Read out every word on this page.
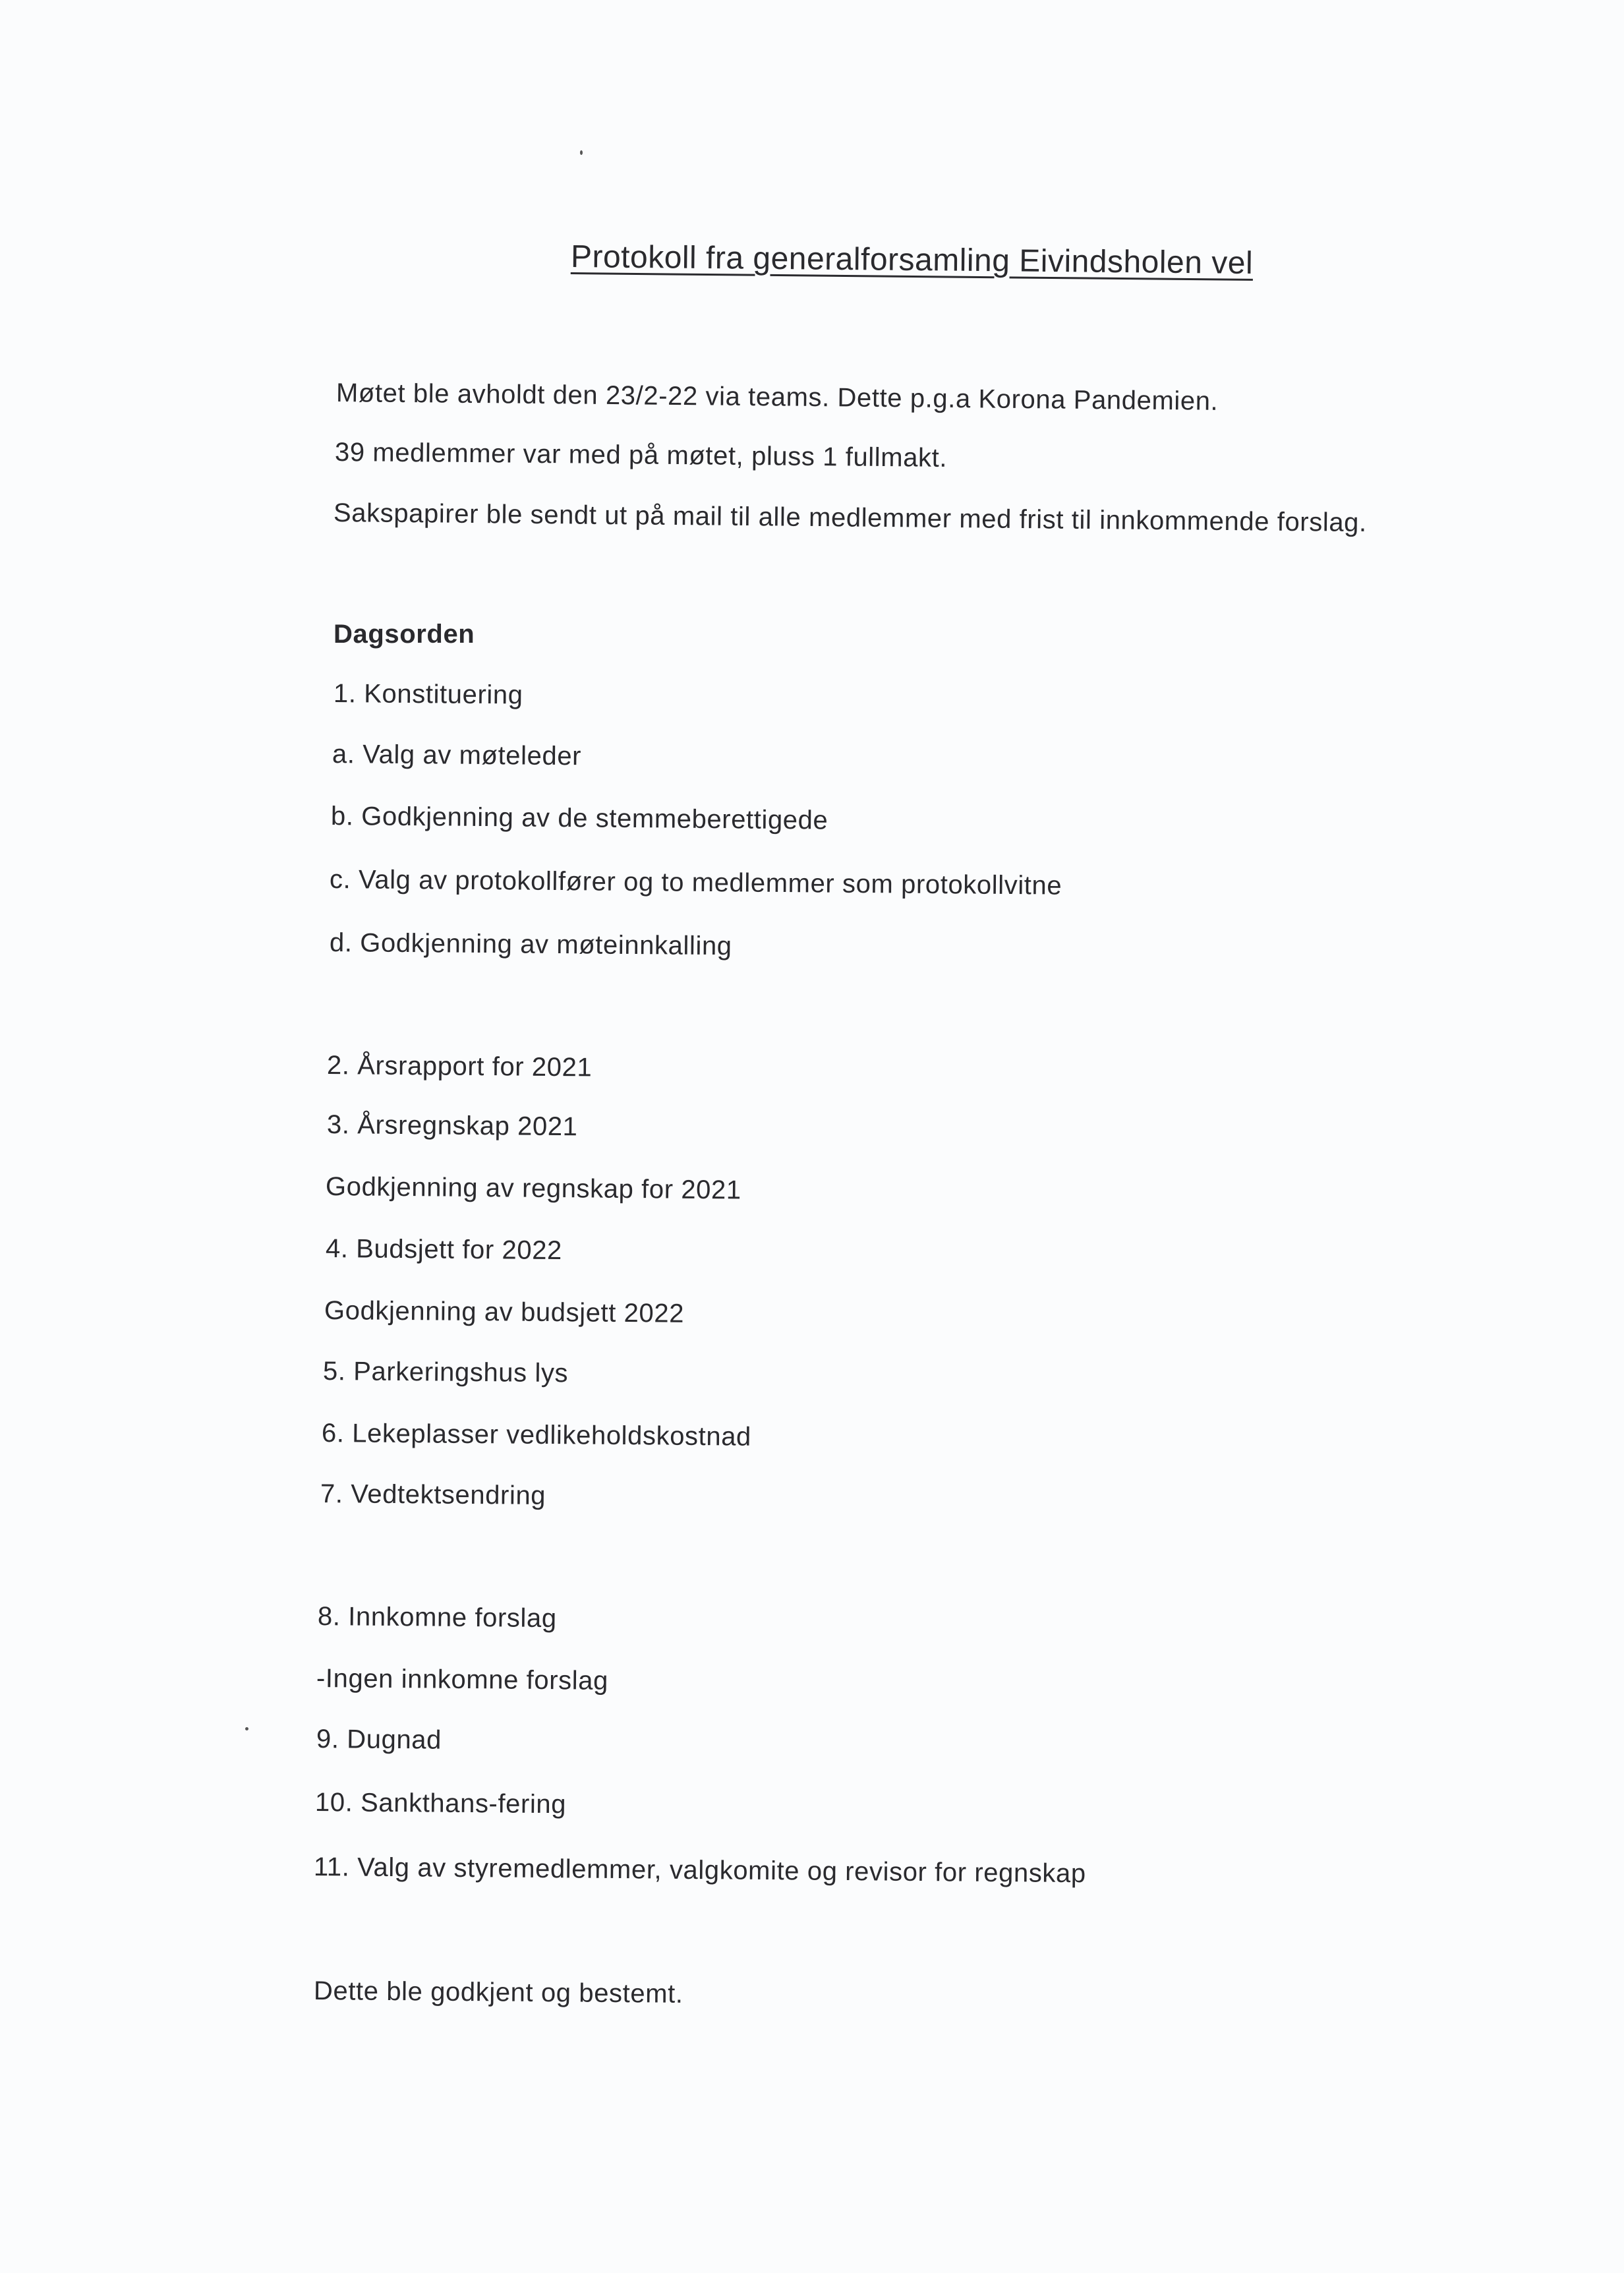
Protokoll fra generalforsamling Eivindsholen vel
Møtet ble avholdt den 23/2-22 via teams. Dette p.g.a Korona Pandemien.
39 medlemmer var med på møtet, pluss 1 fullmakt.
Sakspapirer ble sendt ut på mail til alle medlemmer med frist til innkommende forslag.
Dagsorden
1. Konstituering
a. Valg av møteleder
b. Godkjenning av de stemmeberettigede
c. Valg av protokollfører og to medlemmer som protokollvitne
d. Godkjenning av møteinnkalling
2. Årsrapport for 2021
3. Årsregnskap 2021
Godkjenning av regnskap for 2021
4. Budsjett for 2022
Godkjenning av budsjett 2022
5. Parkeringshus lys
6. Lekeplasser vedlikeholdskostnad
7. Vedtektsendring
8. Innkomne forslag
-Ingen innkomne forslag
9. Dugnad
10. Sankthans-fering
11. Valg av styremedlemmer, valgkomite og revisor for regnskap
Dette ble godkjent og bestemt.
